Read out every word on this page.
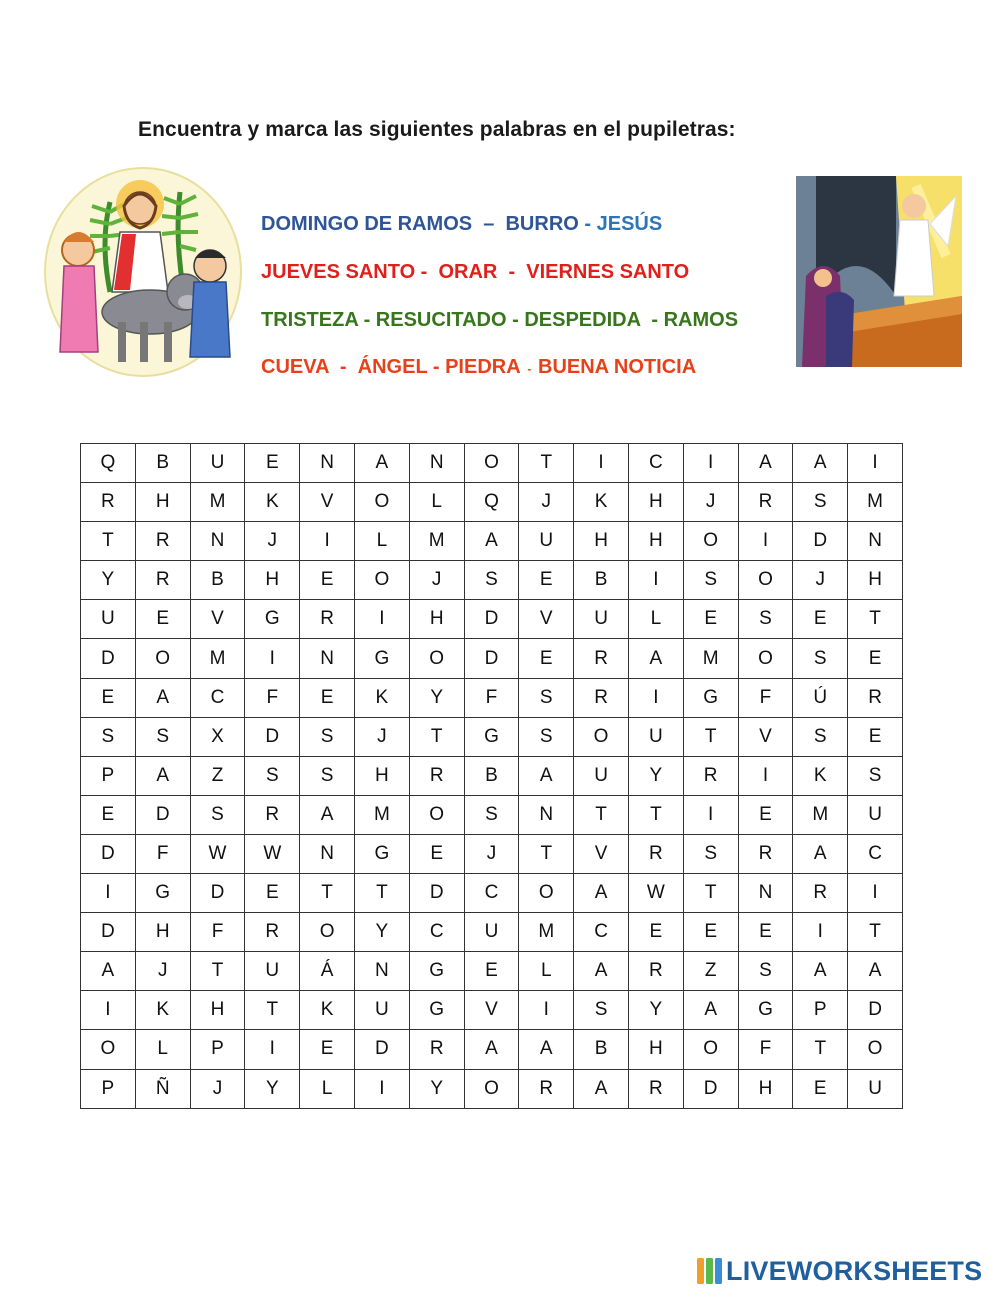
Encuentra y marca las siguientes palabras en el pupiletras:
DOMINGO DE RAMOS  –  BURRO - JESÚS
JUEVES SANTO -  ORAR  -  VIERNES SANTO
TRISTEZA - RESUCITADO - DESPEDIDA  - RAMOS
CUEVA  -  ÁNGEL - PIEDRA  -  BUENA NOTICIA
Q	B	U	E	N	A	N	O	T	I	C	I	A	A	I
R	H	M	K	V	O	L	Q	J	K	H	J	R	S	M
T	R	N	J	I	L	M	A	U	H	H	O	I	D	N
Y	R	B	H	E	O	J	S	E	B	I	S	O	J	H
U	E	V	G	R	I	H	D	V	U	L	E	S	E	T
D	O	M	I	N	G	O	D	E	R	A	M	O	S	E
E	A	C	F	E	K	Y	F	S	R	I	G	F	Ú	R
S	S	X	D	S	J	T	G	S	O	U	T	V	S	E
P	A	Z	S	S	H	R	B	A	U	Y	R	I	K	S
E	D	S	R	A	M	O	S	N	T	T	I	E	M	U
D	F	W	W	N	G	E	J	T	V	R	S	R	A	C
I	G	D	E	T	T	D	C	O	A	W	T	N	R	I
D	H	F	R	O	Y	C	U	M	C	E	E	E	I	T
A	J	T	U	Á	N	G	E	L	A	R	Z	S	A	A
I	K	H	T	K	U	G	V	I	S	Y	A	G	P	D
O	L	P	I	E	D	R	A	A	B	H	O	F	T	O
P	Ñ	J	Y	L	I	Y	O	R	A	R	D	H	E	U
LIVEWORKSHEETS
